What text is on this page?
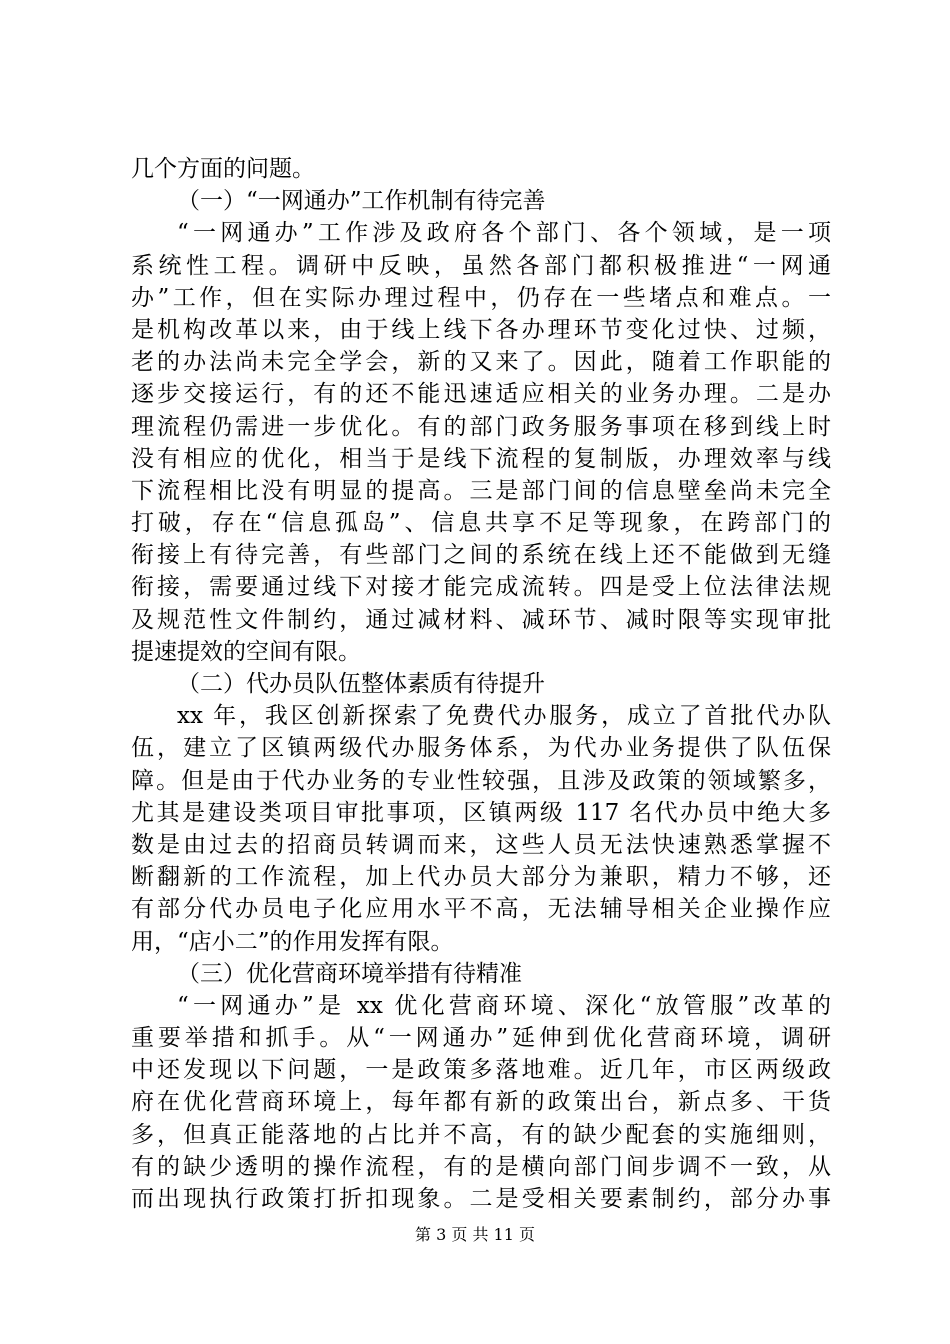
几个方面的问题。
（一）“一网通办”工作机制有待完善
“一网通办”工作涉及政府各个部门、各个领域，是一项
系统性工程。调研中反映，虽然各部门都积极推进“一网通
办”工作，但在实际办理过程中，仍存在一些堵点和难点。一
是机构改革以来，由于线上线下各办理环节变化过快、过频，
老的办法尚未完全学会，新的又来了。因此，随着工作职能的
逐步交接运行，有的还不能迅速适应相关的业务办理。二是办
理流程仍需进一步优化。有的部门政务服务事项在移到线上时
没有相应的优化，相当于是线下流程的复制版，办理效率与线
下流程相比没有明显的提高。三是部门间的信息壁垒尚未完全
打破，存在“信息孤岛”、信息共享不足等现象，在跨部门的
衔接上有待完善，有些部门之间的系统在线上还不能做到无缝
衔接，需要通过线下对接才能完成流转。四是受上位法律法规
及规范性文件制约，通过减材料、减环节、减时限等实现审批
提速提效的空间有限。
（二）代办员队伍整体素质有待提升
xx 年，我区创新探索了免费代办服务，成立了首批代办队
伍，建立了区镇两级代办服务体系，为代办业务提供了队伍保
障。但是由于代办业务的专业性较强，且涉及政策的领域繁多，
尤其是建设类项目审批事项，区镇两级 117 名代办员中绝大多
数是由过去的招商员转调而来，这些人员无法快速熟悉掌握不
断翻新的工作流程，加上代办员大部分为兼职，精力不够，还
有部分代办员电子化应用水平不高，无法辅导相关企业操作应
用，“店小二”的作用发挥有限。
（三）优化营商环境举措有待精准
“一网通办”是 xx 优化营商环境、深化“放管服”改革的
重要举措和抓手。从“一网通办”延伸到优化营商环境，调研
中还发现以下问题，一是政策多落地难。近几年，市区两级政
府在优化营商环境上，每年都有新的政策出台，新点多、干货
多，但真正能落地的占比并不高，有的缺少配套的实施细则，
有的缺少透明的操作流程，有的是横向部门间步调不一致，从
而出现执行政策打折扣现象。二是受相关要素制约，部分办事
第 3 页 共 11 页
